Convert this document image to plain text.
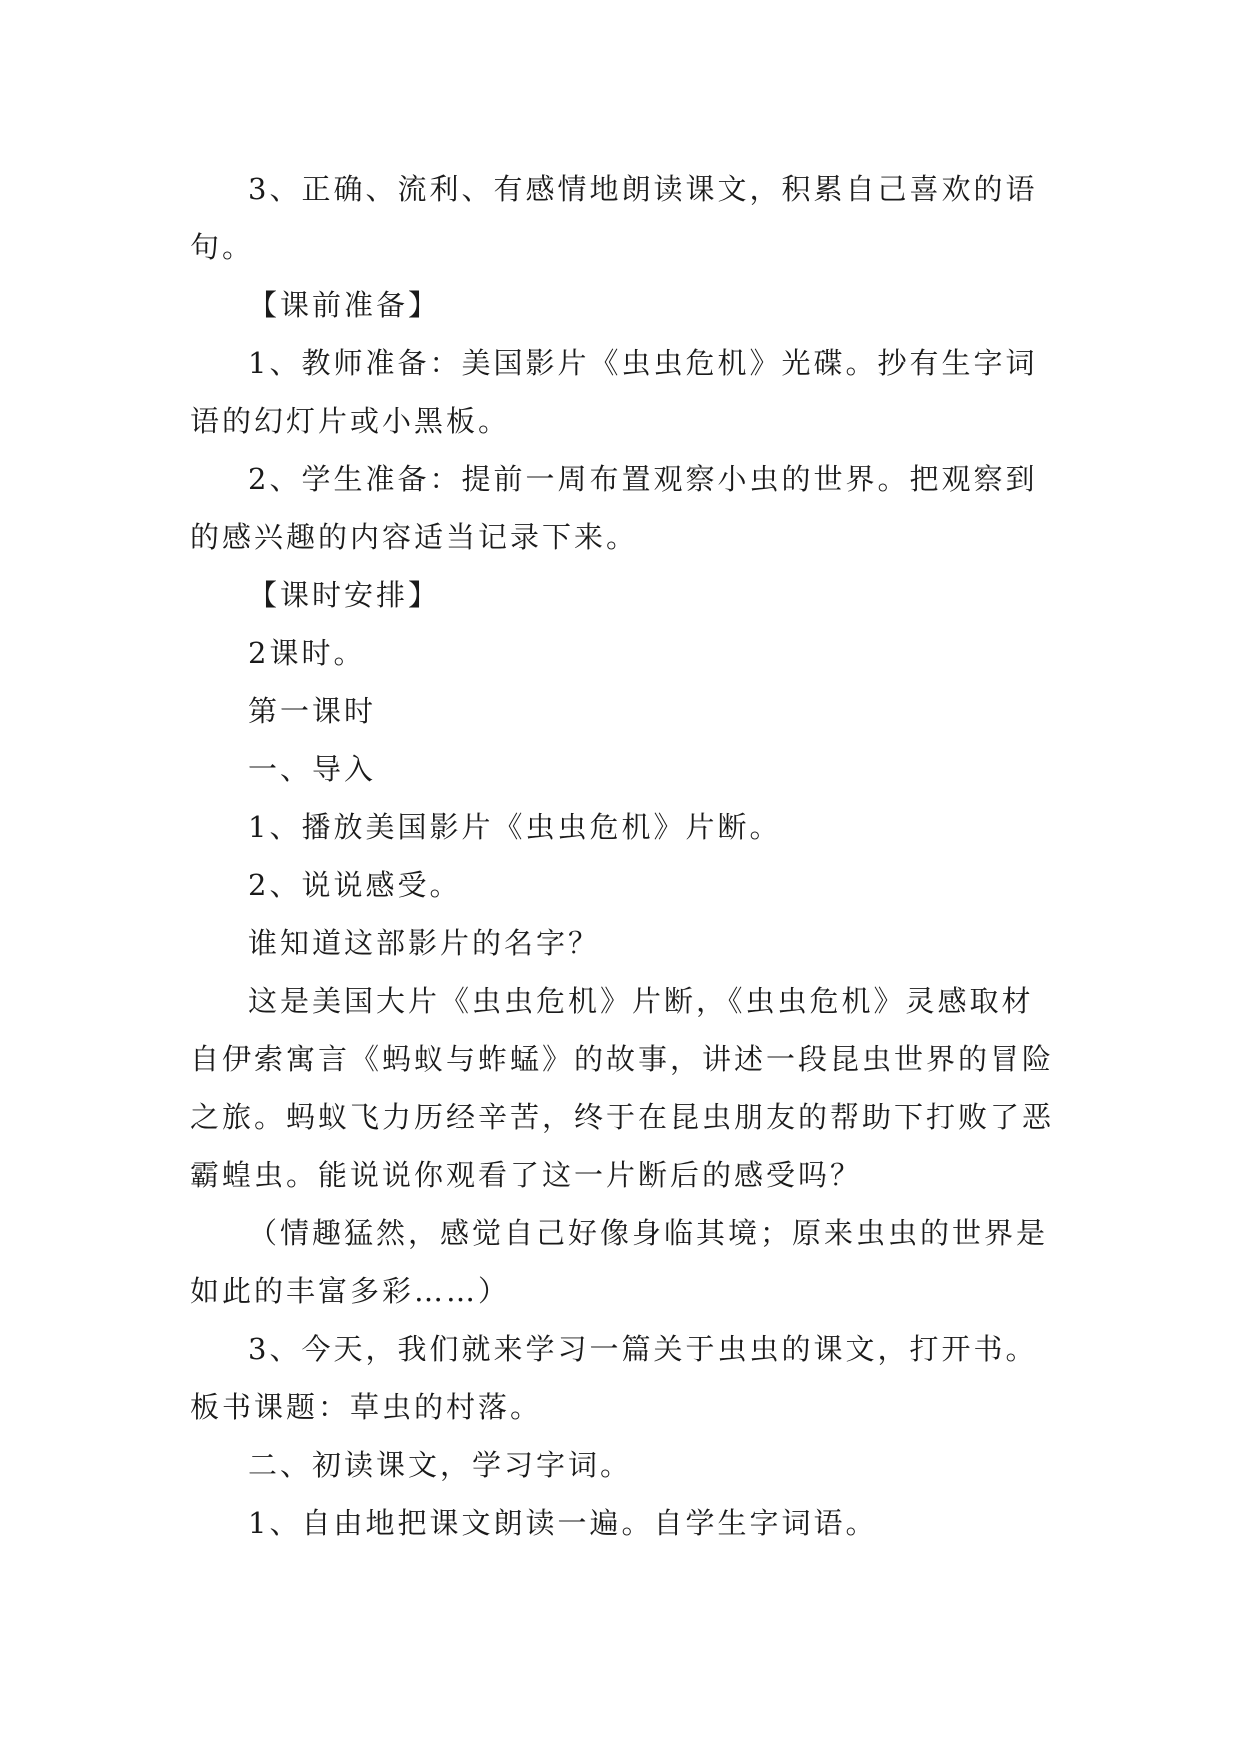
3、正确、流利、有感情地朗读课文，积累自己喜欢的语句。

【课前准备】

1、教师准备：美国影片《虫虫危机》光碟。抄有生字词语的幻灯片或小黑板。

2、学生准备：提前一周布置观察小虫的世界。把观察到的感兴趣的内容适当记录下来。

【课时安排】

2课时。

第一课时

一、导入

1、播放美国影片《虫虫危机》片断。

2、说说感受。

谁知道这部影片的名字？

这是美国大片《虫虫危机》片断，《虫虫危机》灵感取材自伊索寓言《蚂蚁与蚱蜢》的故事，讲述一段昆虫世界的冒险之旅。蚂蚁飞力历经辛苦，终于在昆虫朋友的帮助下打败了恶霸蝗虫。能说说你观看了这一片断后的感受吗？

（情趣猛然，感觉自己好像身临其境；原来虫虫的世界是如此的丰富多彩……）

3、今天，我们就来学习一篇关于虫虫的课文，打开书。板书课题：草虫的村落。

二、初读课文，学习字词。

1、自由地把课文朗读一遍。自学生字词语。
